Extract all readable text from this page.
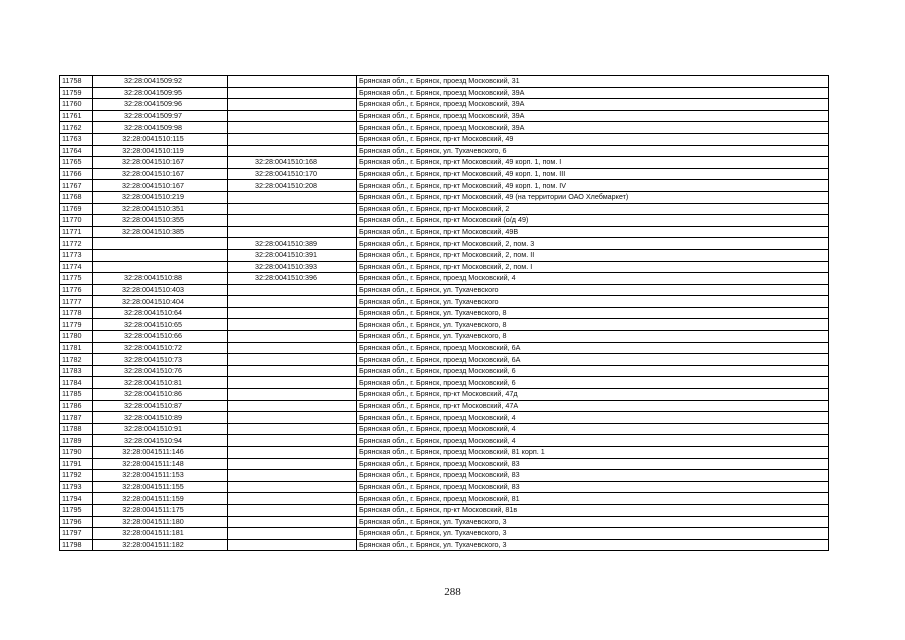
11758	32:28:0041509:92		Брянская обл., г. Брянск, проезд Московский, 31
11759	32:28:0041509:95		Брянская обл., г. Брянск, проезд Московский, 39А
11760	32:28:0041509:96		Брянская обл., г. Брянск, проезд Московский, 39А
11761	32:28:0041509:97		Брянская обл., г. Брянск, проезд Московский, 39А
11762	32:28:0041509:98		Брянская обл., г. Брянск, проезд Московский, 39А
11763	32:28:0041510:115		Брянская обл., г. Брянск, пр-кт Московский, 49
11764	32:28:0041510:119		Брянская обл., г. Брянск, ул. Тухачевского, 6
11765	32:28:0041510:167	32:28:0041510:168	Брянская обл., г. Брянск, пр-кт Московский, 49 корп. 1, пом. I
11766	32:28:0041510:167	32:28:0041510:170	Брянская обл., г. Брянск, пр-кт Московский, 49 корп. 1, пом. III
11767	32:28:0041510:167	32:28:0041510:208	Брянская обл., г. Брянск, пр-кт Московский, 49 корп. 1, пом. IV
11768	32:28:0041510:219		Брянская обл., г. Брянск, пр-кт Московский, 49 (на территории ОАО Хлебмаркет)
11769	32:28:0041510:351		Брянская обл., г. Брянск, пр-кт Московский, 2
11770	32:28:0041510:355		Брянская обл., г. Брянск, пр-кт Московский (о/д 49)
11771	32:28:0041510:385		Брянская обл., г. Брянск, пр-кт Московский, 49В
11772		32:28:0041510:389	Брянская обл., г. Брянск, пр-кт Московский, 2, пом. 3
11773		32:28:0041510:391	Брянская обл., г. Брянск, пр-кт Московский, 2, пом. II
11774		32:28:0041510:393	Брянская обл., г. Брянск, пр-кт Московский, 2, пом. I
11775	32:28:0041510:88	32:28:0041510:396	Брянская обл., г. Брянск, проезд Московский, 4
11776	32:28:0041510:403		Брянская обл., г. Брянск, ул. Тухачевского
11777	32:28:0041510:404		Брянская обл., г. Брянск, ул. Тухачевского
11778	32:28:0041510:64		Брянская обл., г. Брянск, ул. Тухачевского, 8
11779	32:28:0041510:65		Брянская обл., г. Брянск, ул. Тухачевского, 8
11780	32:28:0041510:66		Брянская обл., г. Брянск, ул. Тухачевского, 8
11781	32:28:0041510:72		Брянская обл., г. Брянск, проезд Московский, 6А
11782	32:28:0041510:73		Брянская обл., г. Брянск, проезд Московский, 6А
11783	32:28:0041510:76		Брянская обл., г. Брянск, проезд Московский, 6
11784	32:28:0041510:81		Брянская обл., г. Брянск, проезд Московский, 6
11785	32:28:0041510:86		Брянская обл., г. Брянск, пр-кт Московский, 47д
11786	32:28:0041510:87		Брянская обл., г. Брянск, пр-кт Московский, 47А
11787	32:28:0041510:89		Брянская обл., г. Брянск, проезд Московский, 4
11788	32:28:0041510:91		Брянская обл., г. Брянск, проезд Московский, 4
11789	32:28:0041510:94		Брянская обл., г. Брянск, проезд Московский, 4
11790	32:28:0041511:146		Брянская обл., г. Брянск, проезд Московский, 81 корп. 1
11791	32:28:0041511:148		Брянская обл., г. Брянск, проезд Московский, 83
11792	32:28:0041511:153		Брянская обл., г. Брянск, проезд Московский, 83
11793	32:28:0041511:155		Брянская обл., г. Брянск, проезд Московский, 83
11794	32:28:0041511:159		Брянская обл., г. Брянск, проезд Московский, 81
11795	32:28:0041511:175		Брянская обл., г. Брянск, пр-кт Московский, 81в
11796	32:28:0041511:180		Брянская обл., г. Брянск, ул. Тухачевского, 3
11797	32:28:0041511:181		Брянская обл., г. Брянск, ул. Тухачевского, 3
11798	32:28:0041511:182		Брянская обл., г. Брянск, ул. Тухачевского, 3
288
